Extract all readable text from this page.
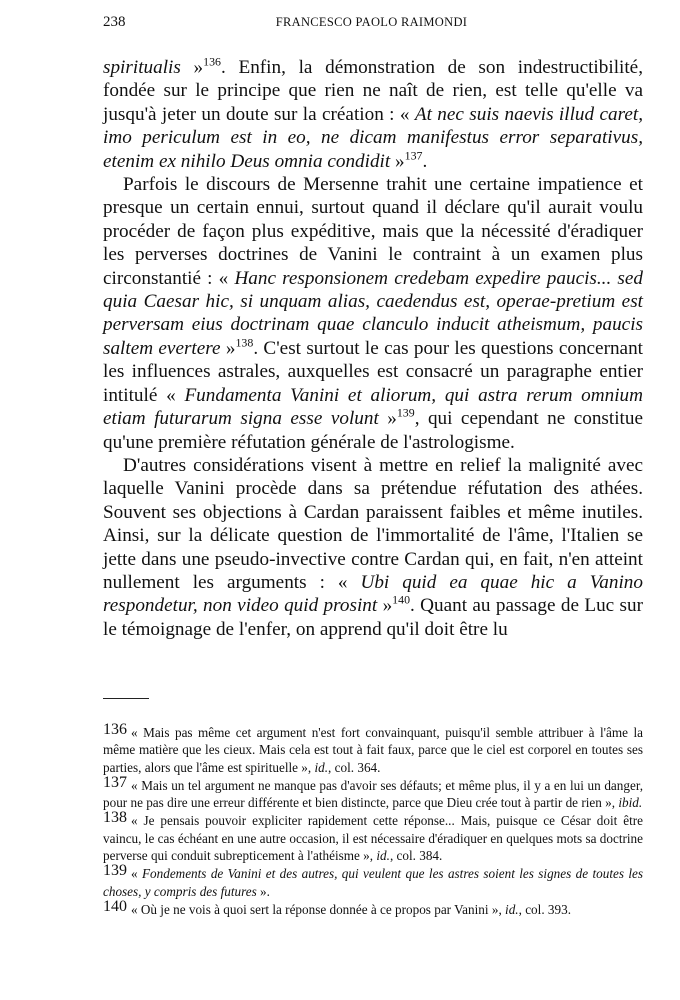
238	FRANCESCO PAOLO RAIMONDI

spiritualis »$^{136}$. Enfin, la démonstration de son indestructibilité, fondée sur le principe que rien ne naît de rien, est telle qu'elle va jusqu'à jeter un doute sur la création : « At nec suis naevis illud caret, imo periculum est in eo, ne dicam manifestus error separativus, etenim ex nihilo Deus omnia condidit »$^{137}$.

Parfois le discours de Mersenne trahit une certaine impatience et presque un certain ennui, surtout quand il déclare qu'il aurait voulu procéder de façon plus expéditive, mais que la nécessité d'éradiquer les perverses doctrines de Vanini le contraint à un examen plus circonstantié : « Hanc responsionem credebam expedire paucis... sed quia Caesar hic, si unquam alias, caedendus est, operae-pretium est perversam eius doctrinam quae clanculo inducit atheismum, paucis saltem evertere »$^{138}$. C'est surtout le cas pour les questions concernant les influences astrales, auxquelles est consacré un paragraphe entier intitulé « Fundamenta Vanini et aliorum, qui astra rerum omnium etiam futurarum signa esse volunt »$^{139}$, qui cependant ne constitue qu'une première réfutation générale de l'astrologisme.

D'autres considérations visent à mettre en relief la malignité avec laquelle Vanini procède dans sa prétendue réfutation des athées. Souvent ses objections à Cardan paraissent faibles et même inutiles. Ainsi, sur la délicate question de l'immortalité de l'âme, l'Italien se jette dans une pseudo-invective contre Cardan qui, en fait, n'en atteint nullement les arguments : « Ubi quid ea quae hic a Vanino respondetur, non video quid prosint »$^{140}$. Quant au passage de Luc sur le témoignage de l'enfer, on apprend qu'il doit être lu

136 « Mais pas même cet argument n'est fort convainquant, puisqu'il semble attribuer à l'âme la même matière que les cieux. Mais cela est tout à fait faux, parce que le ciel est corporel en toutes ses parties, alors que l'âme est spirituelle », id., col. 364.
137 « Mais un tel argument ne manque pas d'avoir ses défauts; et même plus, il y a en lui un danger, pour ne pas dire une erreur différente et bien distincte, parce que Dieu crée tout à partir de rien », ibid.
138 « Je pensais pouvoir expliciter rapidement cette réponse... Mais, puisque ce César doit être vaincu, le cas échéant en une autre occasion, il est nécessaire d'éradiquer en quelques mots sa doctrine perverse qui conduit subrepticement à l'athéisme », id., col. 384.
139 « Fondements de Vanini et des autres, qui veulent que les astres soient les signes de toutes les choses, y compris des futures ».
140 « Où je ne vois à quoi sert la réponse donnée à ce propos par Vanini », id., col. 393.
